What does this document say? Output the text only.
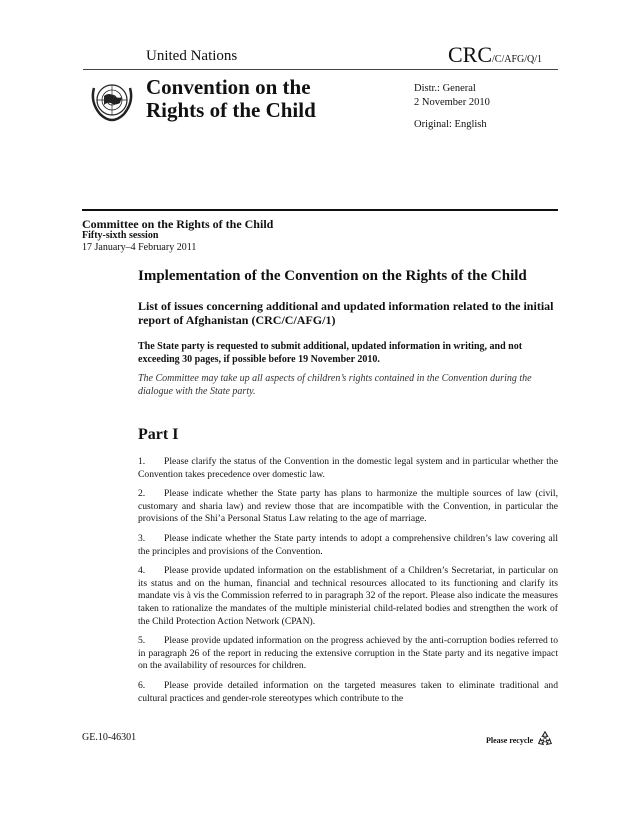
United Nations	CRC/C/AFG/Q/1
Convention on the
Rights of the Child
Distr.: General
2 November 2010
Original: English
Committee on the Rights of the Child
Fifty-sixth session
17 January–4 February 2011
Implementation of the Convention on the Rights of the Child
List of issues concerning additional and updated information related to the initial report of Afghanistan (CRC/C/AFG/1)
The State party is requested to submit additional, updated information in writing, and not exceeding 30 pages, if possible before 19 November 2010.
The Committee may take up all aspects of children’s rights contained in the Convention during the dialogue with the State party.
Part I

1. Please clarify the status of the Convention in the domestic legal system and in particular whether the Convention takes precedence over domestic law.

2. Please indicate whether the State party has plans to harmonize the multiple sources of law (civil, customary and sharia law) and review those that are incompatible with the Convention, in particular the provisions of the Shi’a Personal Status Law relating to the age of marriage.

3. Please indicate whether the State party intends to adopt a comprehensive children’s law covering all the principles and provisions of the Convention.

4. Please provide updated information on the establishment of a Children’s Secretariat, in particular on its status and on the human, financial and technical resources allocated to its functioning and clarify its mandate vis à vis the Commission referred to in paragraph 32 of the report. Please also indicate the measures taken to rationalize the mandates of the multiple ministerial child-related bodies and strengthen the work of the Child Protection Action Network (CPAN).

5. Please provide updated information on the progress achieved by the anti-corruption bodies referred to in paragraph 26 of the report in reducing the extensive corruption in the State party and its negative impact on the availability of resources for children.

6. Please provide detailed information on the targeted measures taken to eliminate traditional and cultural practices and gender-role stereotypes which contribute to the

GE.10-46301	Please recycle
